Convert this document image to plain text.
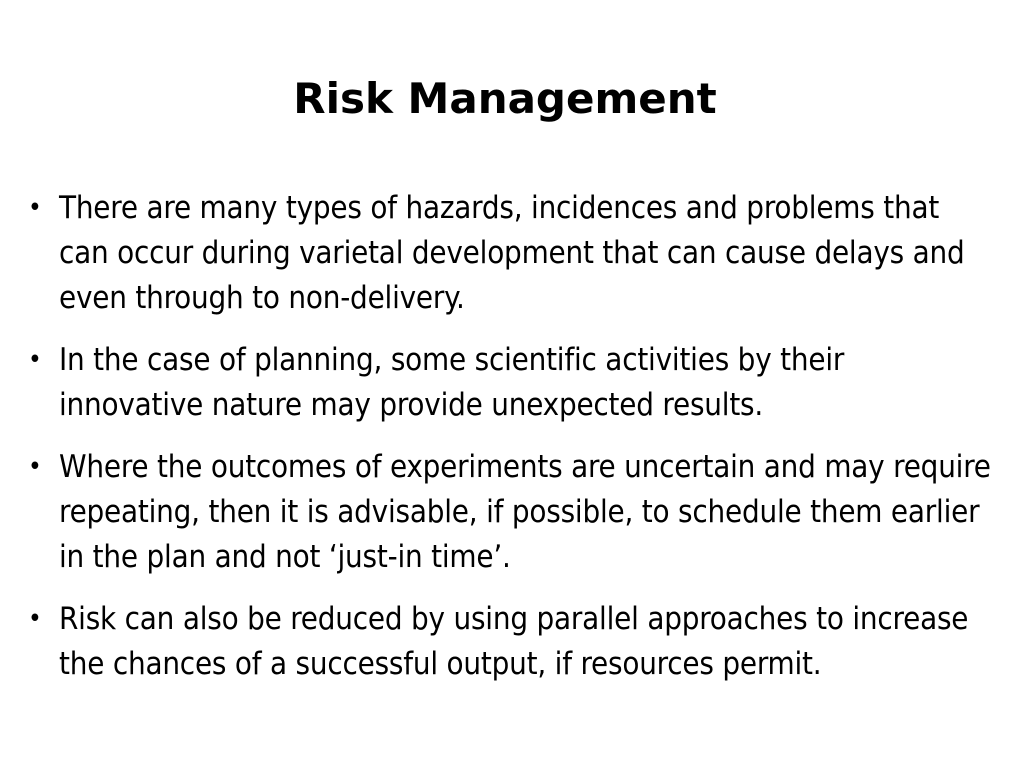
Risk Management
• There are many types of hazards, incidences and problems that can occur during varietal development that can cause delays and even through to non-delivery.
• In the case of planning, some scientific activities by their innovative nature may provide unexpected results.
• Where the outcomes of experiments are uncertain and may require repeating, then it is advisable, if possible, to schedule them earlier in the plan and not ‘just-in time’.
• Risk can also be reduced by using parallel approaches to increase the chances of a successful output, if resources permit.
